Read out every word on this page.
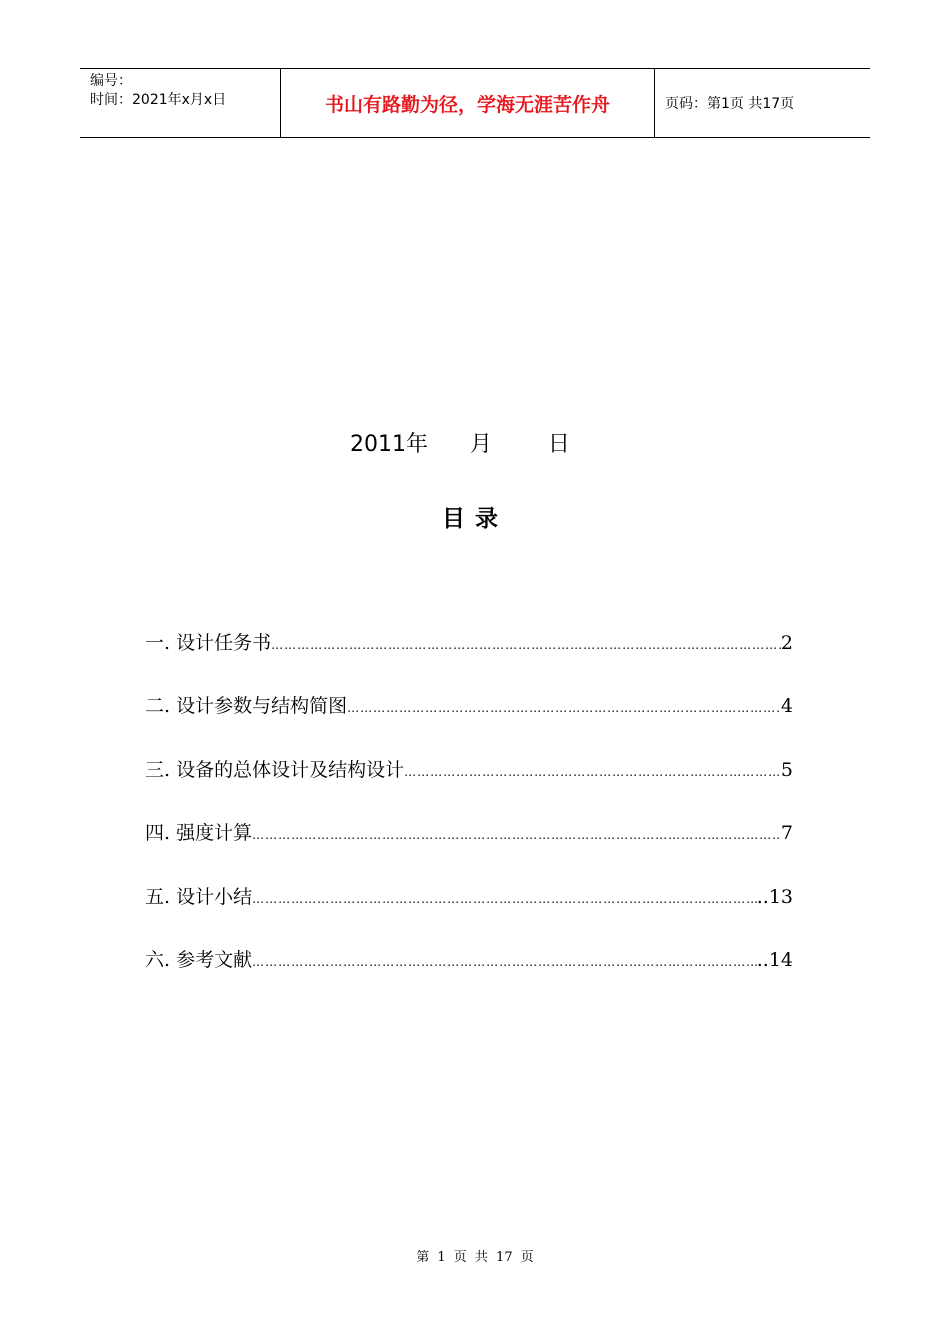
编号：
时间：2021年x月x日	书山有路勤为径，学海无涯苦作舟	页码：第1页 共17页
2011年      月        日
目录
一. 设计任务书 …………………………………………………………………………………………………………………………………………………	2
二. 设计参数与结构简图 …………………………………………………………………………………………………………………………………………………	4
三. 设备的总体设计及结构设计 …………………………………………………………………………………………………………………………………………………	5
四. 强度计算 …………………………………………………………………………………………………………………………………………………	7
五. 设计小结 …………………………………………………………………………………………………………………………………………………	..13
六. 参考文献 …………………………………………………………………………………………………………………………………………………	..14
第 1 页 共 17 页
